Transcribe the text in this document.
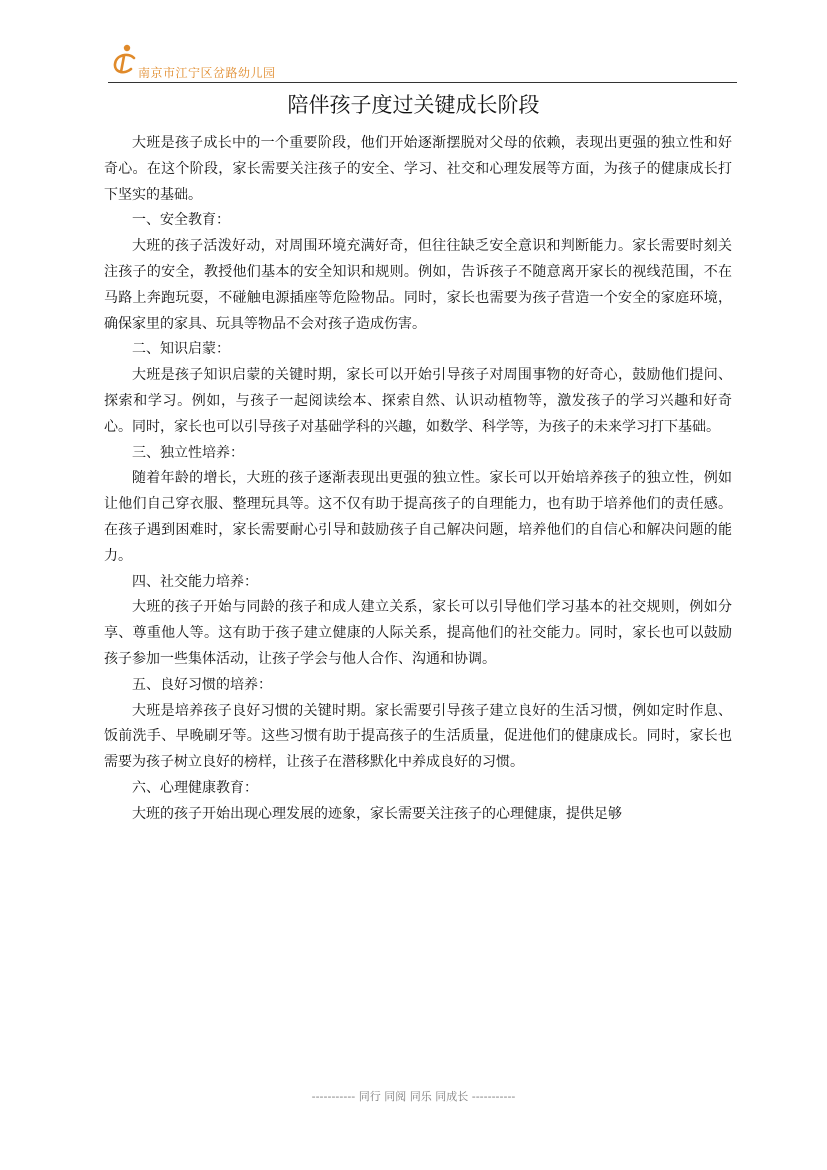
南京市江宁区岔路幼儿园
陪伴孩子度过关键成长阶段

大班是孩子成长中的一个重要阶段，他们开始逐渐摆脱对父母的依赖，表现出更强的独立性和好奇心。在这个阶段，家长需要关注孩子的安全、学习、社交和心理发展等方面，为孩子的健康成长打下坚实的基础。

一、安全教育：

大班的孩子活泼好动，对周围环境充满好奇，但往往缺乏安全意识和判断能力。家长需要时刻关注孩子的安全，教授他们基本的安全知识和规则。例如，告诉孩子不随意离开家长的视线范围，不在马路上奔跑玩耍，不碰触电源插座等危险物品。同时，家长也需要为孩子营造一个安全的家庭环境，确保家里的家具、玩具等物品不会对孩子造成伤害。

二、知识启蒙：

大班是孩子知识启蒙的关键时期，家长可以开始引导孩子对周围事物的好奇心，鼓励他们提问、探索和学习。例如，与孩子一起阅读绘本、探索自然、认识动植物等，激发孩子的学习兴趣和好奇心。同时，家长也可以引导孩子对基础学科的兴趣，如数学、科学等，为孩子的未来学习打下基础。

三、独立性培养：

随着年龄的增长，大班的孩子逐渐表现出更强的独立性。家长可以开始培养孩子的独立性，例如让他们自己穿衣服、整理玩具等。这不仅有助于提高孩子的自理能力，也有助于培养他们的责任感。在孩子遇到困难时，家长需要耐心引导和鼓励孩子自己解决问题，培养他们的自信心和解决问题的能力。

四、社交能力培养：

大班的孩子开始与同龄的孩子和成人建立关系，家长可以引导他们学习基本的社交规则，例如分享、尊重他人等。这有助于孩子建立健康的人际关系，提高他们的社交能力。同时，家长也可以鼓励孩子参加一些集体活动，让孩子学会与他人合作、沟通和协调。

五、良好习惯的培养：

大班是培养孩子良好习惯的关键时期。家长需要引导孩子建立良好的生活习惯，例如定时作息、饭前洗手、早晚刷牙等。这些习惯有助于提高孩子的生活质量，促进他们的健康成长。同时，家长也需要为孩子树立良好的榜样，让孩子在潜移默化中养成良好的习惯。

六、心理健康教育：

大班的孩子开始出现心理发展的迹象，家长需要关注孩子的心理健康，提供足够

----------- 同行 同阅 同乐 同成长 -----------
